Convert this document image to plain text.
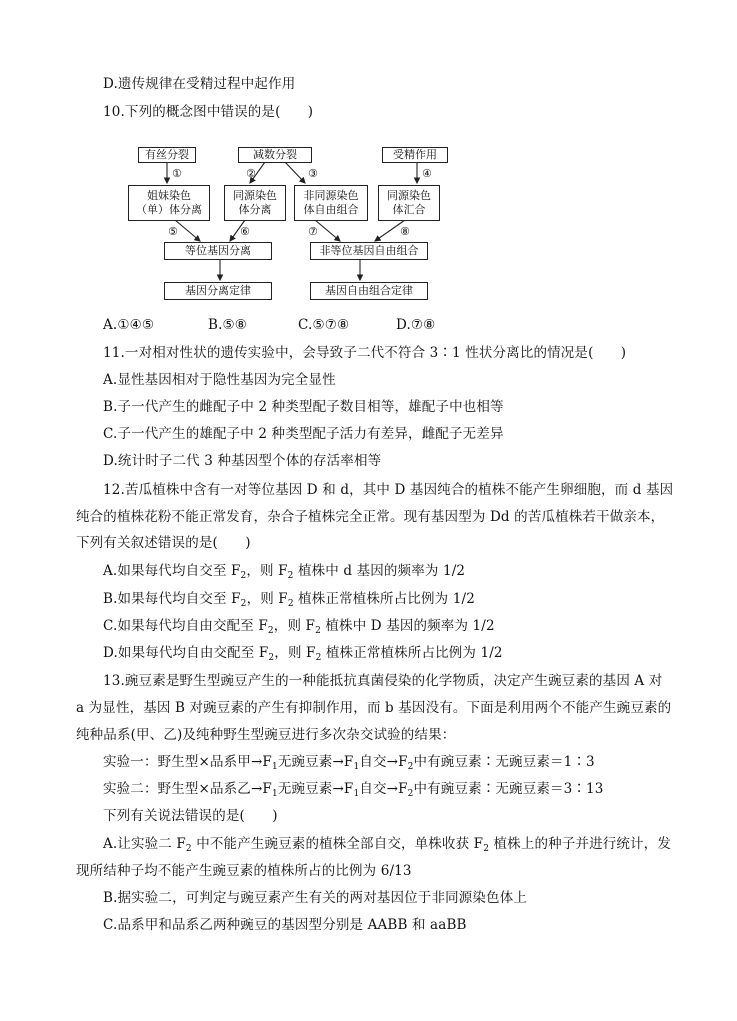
D.遗传规律在受精过程中起作用
10.下列的概念图中错误的是(　　)
有丝分裂	减数分裂	受精作用
姐妹染色
（单）体分离
同源染色
体分离
非同源染色
体自由组合
同源染色
体汇合
等位基因分离	非等位基因自由组合
基因分离定律	基因自由组合定律
①	②	③	④
⑤	⑥	⑦	⑧
A.①④⑤	B.⑤⑧	C.⑤⑦⑧	D.⑦⑧
11.一对相对性状的遗传实验中，会导致子二代不符合 3∶1 性状分离比的情况是(　　)
A.显性基因相对于隐性基因为完全显性
B.子一代产生的雌配子中 2 种类型配子数目相等，雄配子中也相等
C.子一代产生的雄配子中 2 种类型配子活力有差异，雌配子无差异
D.统计时子二代 3 种基因型个体的存活率相等
12.苦瓜植株中含有一对等位基因 D 和 d，其中 D 基因纯合的植株不能产生卵细胞，而 d 基因
纯合的植株花粉不能正常发育，杂合子植株完全正常。现有基因型为 Dd 的苦瓜植株若干做亲本，
下列有关叙述错误的是(　　)
A.如果每代均自交至 $F_2$，则 $F_2$ 植株中 d 基因的频率为 1/2
B.如果每代均自交至 $F_2$，则 $F_2$ 植株正常植株所占比例为 1/2
C.如果每代均自由交配至 $F_2$，则 $F_2$ 植株中 D 基因的频率为 1/2
D.如果每代均自由交配至 $F_2$，则 $F_2$ 植株正常植株所占比例为 1/2
13.豌豆素是野生型豌豆产生的一种能抵抗真菌侵染的化学物质，决定产生豌豆素的基因 A 对
a 为显性，基因 B 对豌豆素的产生有抑制作用，而 b 基因没有。下面是利用两个不能产生豌豆素的
纯种品系(甲、乙)及纯种野生型豌豆进行多次杂交试验的结果：
实验一：野生型×品系甲$\to F_1$无豌豆素$\to F_1$自交$\to F_2$中有豌豆素∶无豌豆素＝1∶3
实验二：野生型×品系乙$\to F_1$无豌豆素$\to F_1$自交$\to F_2$中有豌豆素∶无豌豆素＝3∶13
下列有关说法错误的是(　　)
A.让实验二 $F_2$ 中不能产生豌豆素的植株全部自交，单株收获 $F_2$ 植株上的种子并进行统计，发
现所结种子均不能产生豌豆素的植株所占的比例为 6/13
B.据实验二，可判定与豌豆素产生有关的两对基因位于非同源染色体上
C.品系甲和品系乙两种豌豆的基因型分别是 AABB 和 aaBB
